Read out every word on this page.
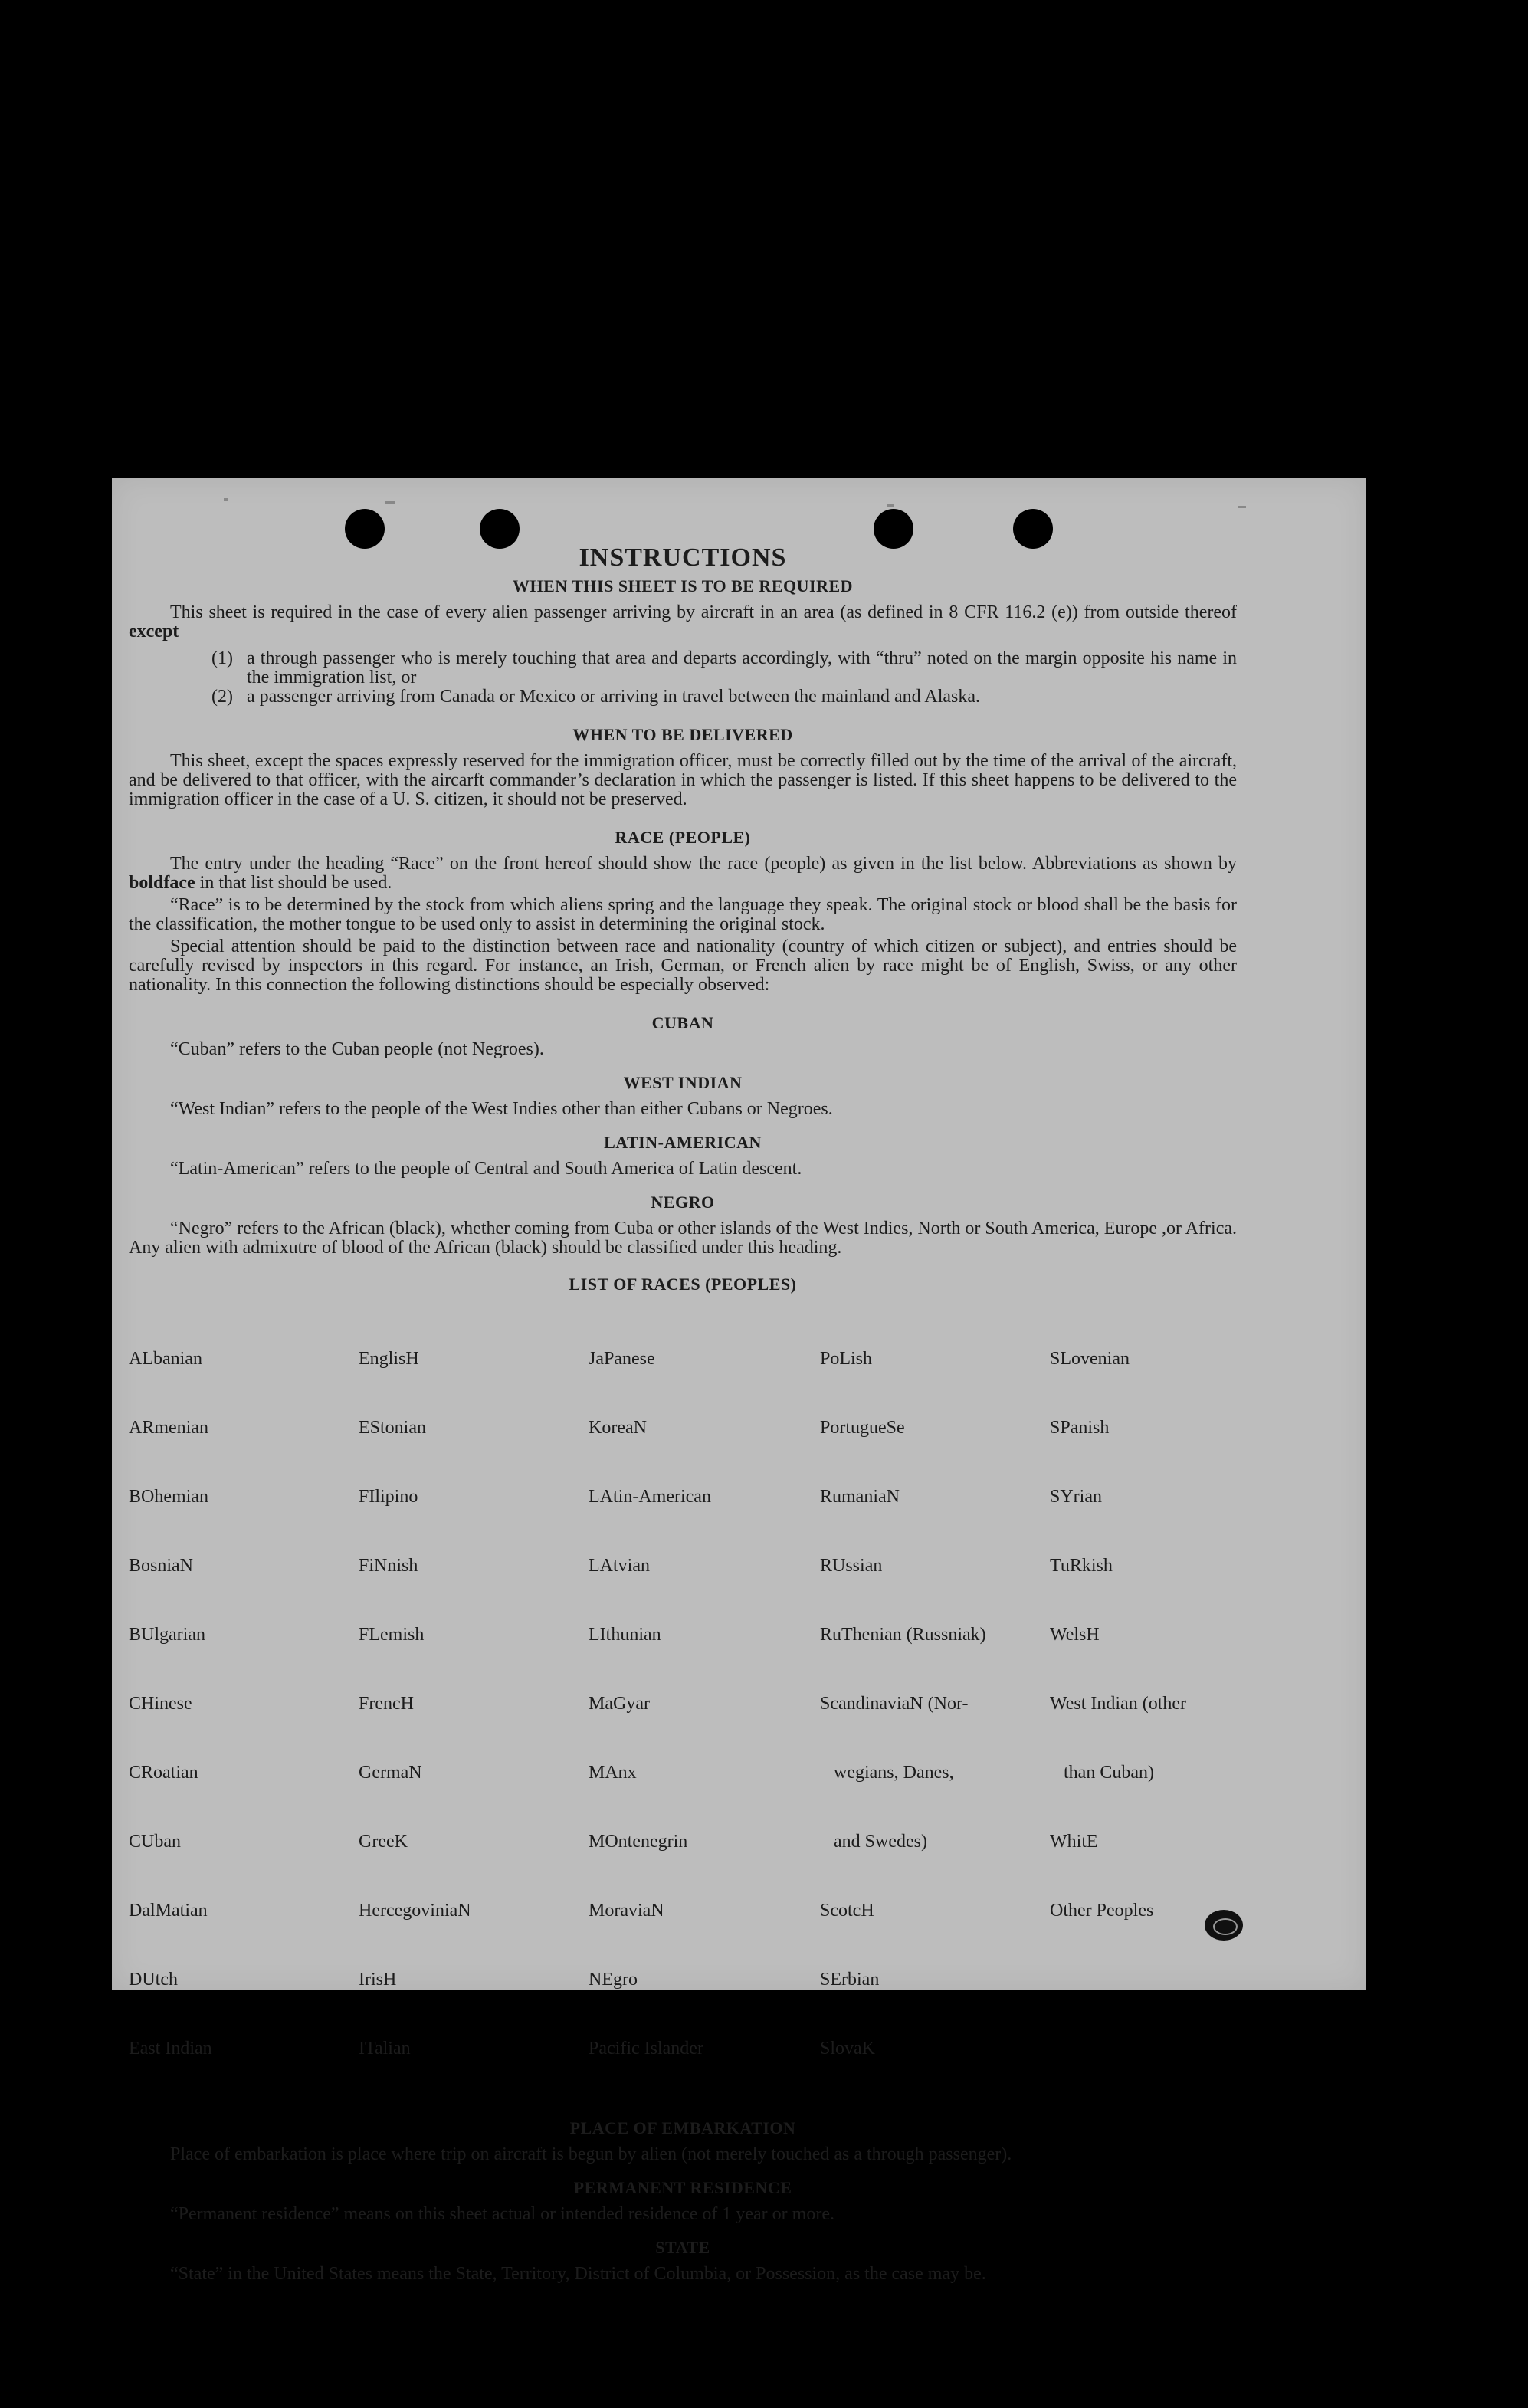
INSTRUCTIONS
WHEN THIS SHEET IS TO BE REQUIRED

This sheet is required in the case of every alien passenger arriving by aircraft in an area (as defined in 8 CFR 116.2 (e)) from outside thereof except

(1) a through passenger who is merely touching that area and departs accordingly, with “thru” noted on the margin opposite his name in the immigration list, or
(2) a passenger arriving from Canada or Mexico or arriving in travel between the mainland and Alaska.
WHEN TO BE DELIVERED

This sheet, except the spaces expressly reserved for the immigration officer, must be correctly filled out by the time of the arrival of the aircraft, and be delivered to that officer, with the aircarft commander’s declaration in which the passenger is listed. If this sheet happens to be delivered to the immigration officer in the case of a U. S. citizen, it should not be preserved.

RACE (PEOPLE)

The entry under the heading “Race” on the front hereof should show the race (people) as given in the list below. Abbreviations as shown by boldface in that list should be used.

“Race” is to be determined by the stock from which aliens spring and the language they speak. The original stock or blood shall be the basis for the classification, the mother tongue to be used only to assist in determining the original stock.

Special attention should be paid to the distinction between race and nationality (country of which citizen or subject), and entries should be carefully revised by inspectors in this regard. For instance, an Irish, German, or French alien by race might be of English, Swiss, or any other nationality. In this connection the following distinctions should be especially observed:

CUBAN

“Cuban” refers to the Cuban people (not Negroes).

WEST INDIAN

“West Indian” refers to the people of the West Indies other than either Cubans or Negroes.

LATIN-AMERICAN

“Latin-American” refers to the people of Central and South America of Latin descent.

NEGRO

“Negro” refers to the African (black), whether coming from Cuba or other islands of the West Indies, North or South America, Europe ,or Africa. Any alien with admixutre of blood of the African (black) should be classified under this heading.

LIST OF RACES (PEOPLES)

ALbanian

ARmenian

BOhemian

BosniaN

BUlgarian

CHinese

CRoatian

CUban

DalMatian

DUtch

East Indian

EnglisH

EStonian

FIlipino

FiNnish

FLemish

FrencH

GermaN

GreeK

HercegoviniaN

IrisH

ITalian

JaPanese

KoreaN

LAtin-American

LAtvian

LIthunian

MaGyar

MAnx

MOntenegrin

MoraviaN

NEgro

Pacific Islander

PoLish

PortugueSe

RumaniaN

RUssian

RuThenian (Russniak)

ScandinaviaN (Nor-

wegians, Danes,

and Swedes)

ScotcH

SErbian

SlovaK

SLovenian

SPanish

SYrian

TuRkish

WelsH

West Indian (other

than Cuban)

WhitE

Other Peoples

PLACE OF EMBARKATION

Place of embarkation is place where trip on aircraft is begun by alien (not merely touched as a through passenger).

PERMANENT RESIDENCE

“Permanent residence” means on this sheet actual or intended residence of 1 year or more.

STATE

“State” in the United States means the State, Territory, District of Columbia, or Possession, as the case may be.
